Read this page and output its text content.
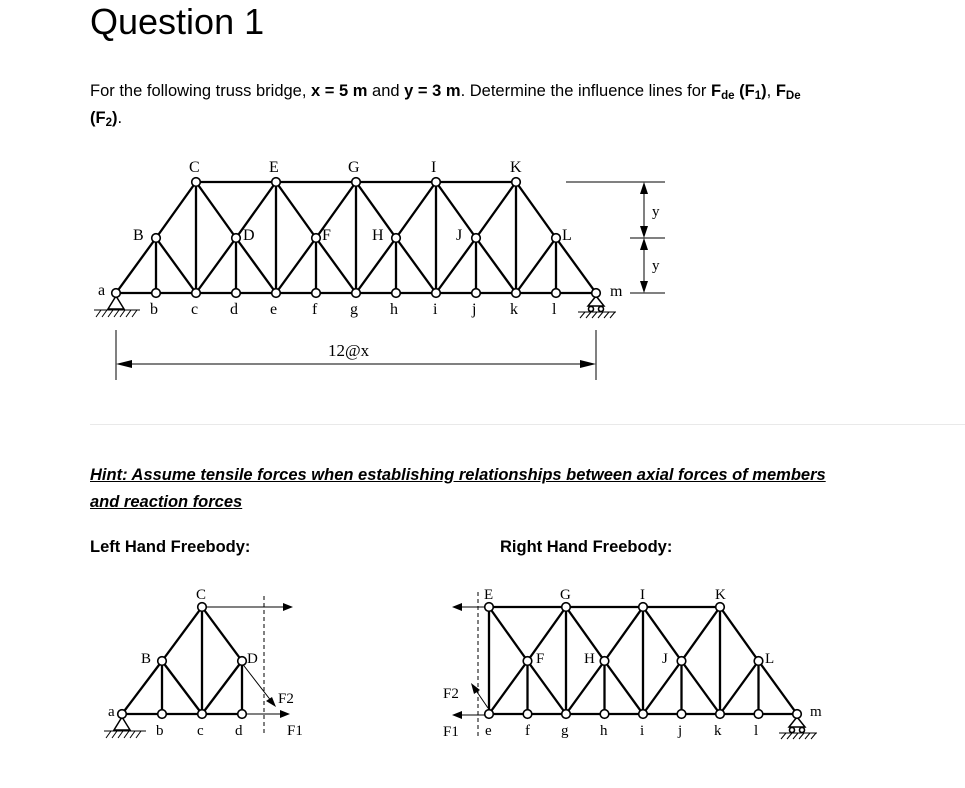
Question 1

For the following truss bridge, x = 5 m and y = 3 m. Determine the influence lines for $F_{de}$ $(F_1)$, $F_{De}$
$(F_2)$.

y
y
12@x
C	E	G	I	K
B	D	F	H	J	L
a
b c d e f g h i j k l
m

Hint: Assume tensile forces when establishing relationships between axial forces of members and reaction forces

Left Hand Freebody:	Right Hand Freebody:
C
B	D
a
b c d
F2
F1
E	G	I	K
F	H	J	L
e f g h i j k l
m
F2
F1
